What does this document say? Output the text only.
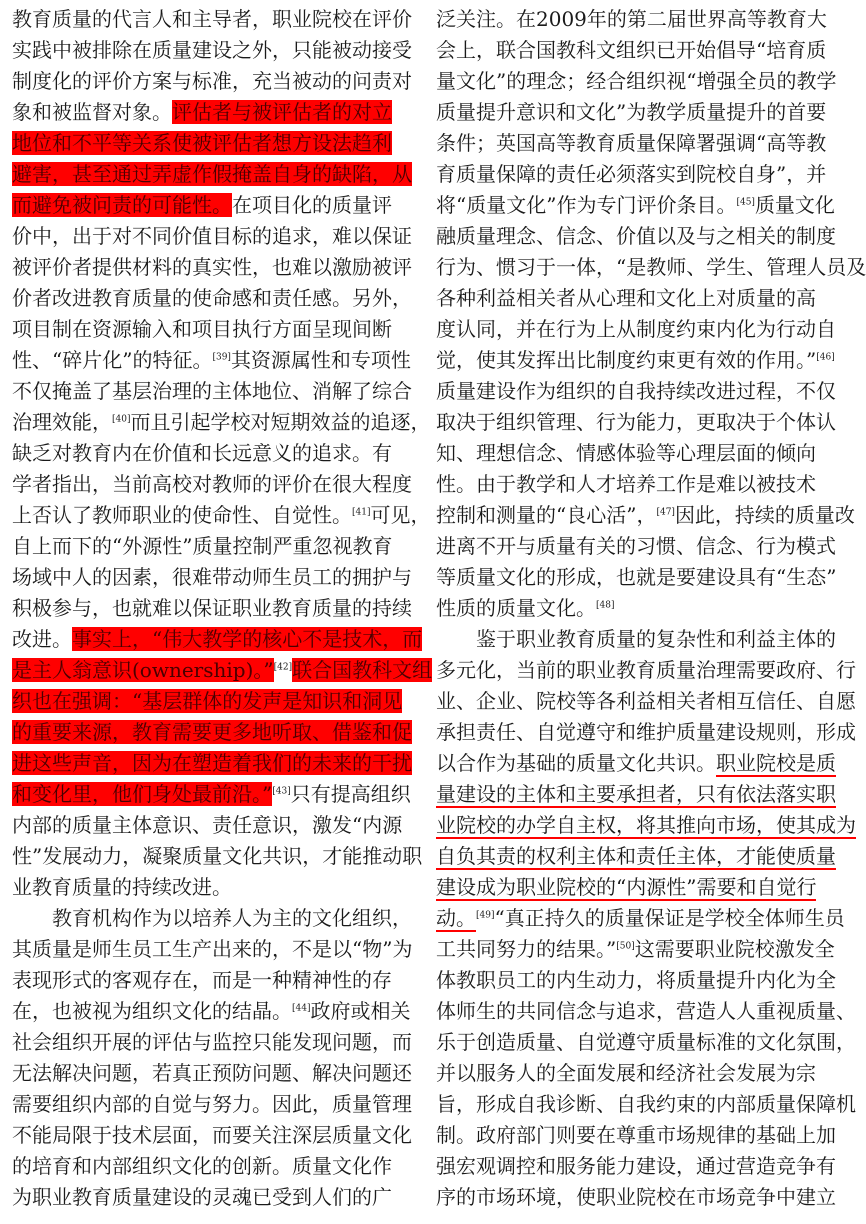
教育质量的代言人和主导者，职业院校在评价
实践中被排除在质量建设之外，只能被动接受
制度化的评价方案与标准，充当被动的问责对
象和被监督对象。评估者与被评估者的对立
地位和不平等关系使被评估者想方设法趋利
避害，甚至通过弄虚作假掩盖自身的缺陷，从
而避免被问责的可能性。在项目化的质量评
价中，出于对不同价值目标的追求，难以保证
被评价者提供材料的真实性，也难以激励被评
价者改进教育质量的使命感和责任感。另外，
项目制在资源输入和项目执行方面呈现间断
性、“碎片化”的特征。[39]其资源属性和专项性
不仅掩盖了基层治理的主体地位、消解了综合
治理效能，[40]而且引起学校对短期效益的追逐，
缺乏对教育内在价值和长远意义的追求。有
学者指出，当前高校对教师的评价在很大程度
上否认了教师职业的使命性、自觉性。[41]可见，
自上而下的“外源性”质量控制严重忽视教育
场域中人的因素，很难带动师生员工的拥护与
积极参与，也就难以保证职业教育质量的持续
改进。事实上，“伟大教学的核心不是技术，而
是主人翁意识(ownership)。”[42]联合国教科文组
织也在强调：“基层群体的发声是知识和洞见
的重要来源，教育需要更多地听取、借鉴和促
进这些声音，因为在塑造着我们的未来的干扰
和变化里，他们身处最前沿。”[43]只有提高组织
内部的质量主体意识、责任意识，激发“内源
性”发展动力，凝聚质量文化共识，才能推动职
业教育质量的持续改进。
教育机构作为以培养人为主的文化组织，
其质量是师生员工生产出来的，不是以“物”为
表现形式的客观存在，而是一种精神性的存
在，也被视为组织文化的结晶。[44]政府或相关
社会组织开展的评估与监控只能发现问题，而
无法解决问题，若真正预防问题、解决问题还
需要组织内部的自觉与努力。因此，质量管理
不能局限于技术层面，而要关注深层质量文化
的培育和内部组织文化的创新。质量文化作
为职业教育质量建设的灵魂已受到人们的广
泛关注。在2009年的第二届世界高等教育大
会上，联合国教科文组织已开始倡导“培育质
量文化”的理念；经合组织视“增强全员的教学
质量提升意识和文化”为教学质量提升的首要
条件；英国高等教育质量保障署强调“高等教
育质量保障的责任必须落实到院校自身”，并
将“质量文化”作为专门评价条目。[45]质量文化
融质量理念、信念、价值以及与之相关的制度
行为、惯习于一体，“是教师、学生、管理人员及
各种利益相关者从心理和文化上对质量的高
度认同，并在行为上从制度约束内化为行动自
觉，使其发挥出比制度约束更有效的作用。”[46]
质量建设作为组织的自我持续改进过程，不仅
取决于组织管理、行为能力，更取决于个体认
知、理想信念、情感体验等心理层面的倾向
性。由于教学和人才培养工作是难以被技术
控制和测量的“良心活”，[47]因此，持续的质量改
进离不开与质量有关的习惯、信念、行为模式
等质量文化的形成，也就是要建设具有“生态”
性质的质量文化。[48]
鉴于职业教育质量的复杂性和利益主体的
多元化，当前的职业教育质量治理需要政府、行
业、企业、院校等各利益相关者相互信任、自愿
承担责任、自觉遵守和维护质量建设规则，形成
以合作为基础的质量文化共识。职业院校是质
量建设的主体和主要承担者，只有依法落实职
业院校的办学自主权，将其推向市场，使其成为
自负其责的权利主体和责任主体，才能使质量
建设成为职业院校的“内源性”需要和自觉行
动。[49]“真正持久的质量保证是学校全体师生员
工共同努力的结果。”[50]这需要职业院校激发全
体教职员工的内生动力，将质量提升内化为全
体师生的共同信念与追求，营造人人重视质量、
乐于创造质量、自觉遵守质量标准的文化氛围，
并以服务人的全面发展和经济社会发展为宗
旨，形成自我诊断、自我约束的内部质量保障机
制。政府部门则要在尊重市场规律的基础上加
强宏观调控和服务能力建设，通过营造竞争有
序的市场环境，使职业院校在市场竞争中建立
